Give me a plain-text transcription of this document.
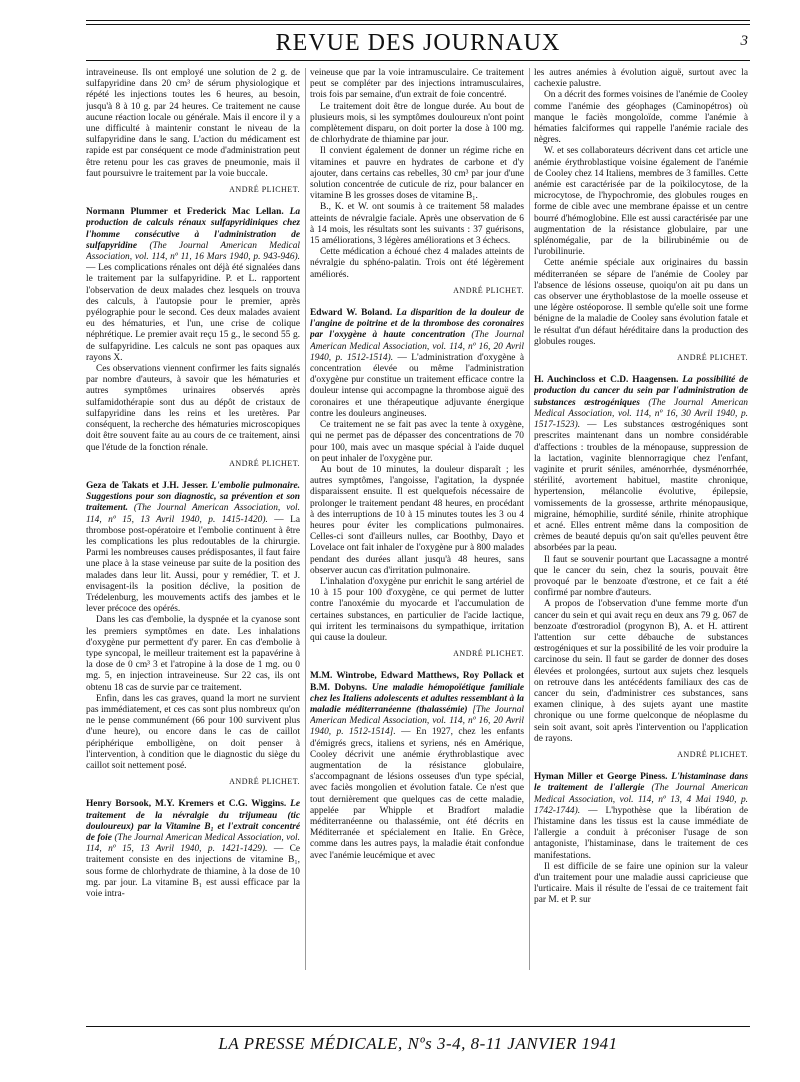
REVUE DES JOURNAUX	3

intraveineuse. Ils ont employé une solution de 2 g. de sulfapyridine dans 20 cm³ de sérum physiologique et répété les injections toutes les 6 heures, au besoin, jusqu'à 8 à 10 g. par 24 heures. Ce traitement ne cause aucune réaction locale ou générale. Mais il encore il y a une difficulté à maintenir constant le niveau de la sulfapyridine dans le sang. L'action du médicament est rapide est par conséquent ce mode d'administration peut être retenu pour les cas graves de pneumonie, mais il faut poursuivre le traitement par la voie buccale.

ANDRÉ PLICHET.

Normann Plummer et Frederick Mac Lellan. La production de calculs rénaux sulfapyridiniques chez l'homme consécutive à l'administration de sulfapyridine (The Journal American Medical Association, vol. 114, nº 11, 16 Mars 1940, p. 943-946). — Les complications rénales ont déjà été signalées dans le traitement par la sulfapyridine. P. et L. rapportent l'observation de deux malades chez lesquels on trouva des calculs, à l'autopsie pour le premier, après pyélographie pour le second. Ces deux malades avaient eu des hématuries, et l'un, une crise de colique néphrétique. Le premier avait reçu 15 g., le second 55 g. de sulfapyridine. Les calculs ne sont pas opaques aux rayons X.

Ces observations viennent confirmer les faits signalés par nombre d'auteurs, à savoir que les hématuries et autres symptômes urinaires observés après sulfamidothérapie sont dus au dépôt de cristaux de sulfapyridine dans les reins et les uretères. Par conséquent, la recherche des hématuries microscopiques doit être souvent faite au au cours de ce traitement, ainsi que l'étude de la fonction rénale.

ANDRÉ PLICHET.

Geza de Takats et J.H. Jesser. L'embolie pulmonaire. Suggestions pour son diagnostic, sa prévention et son traitement. (The Journal American Association, vol. 114, nº 15, 13 Avril 1940, p. 1415-1420). — La thrombose post-opératoire et l'embolie continuent à être les complications les plus redoutables de la chirurgie. Parmi les nombreuses causes prédisposantes, il faut faire une place à la stase veineuse par suite de la position des malades dans leur lit. Aussi, pour y remédier, T. et J. envisagent-ils la position déclive, la position de Trédelenburg, les mouvements actifs des jambes et le lever précoce des opérés.

Dans les cas d'embolie, la dyspnée et la cyanose sont les premiers symptômes en date. Les inhalations d'oxygène pur permettent d'y parer. En cas d'embolie à type syncopal, le meilleur traitement est la papavérine à la dose de 0 cm³ 3 et l'atropine à la dose de 1 mg. ou 0 mg. 5, en injection intraveineuse. Sur 22 cas, ils ont obtenu 18 cas de survie par ce traitement.

Enfin, dans les cas graves, quand la mort ne survient pas immédiatement, et ces cas sont plus nombreux qu'on ne le pense communément (66 pour 100 survivent plus d'une heure), ou encore dans le cas de caillot périphérique embolligène, on doit penser à l'intervention, à condition que le diagnostic du siège du caillot soit nettement posé.

ANDRÉ PLICHET.

Henry Borsook, M.Y. Kremers et C.G. Wiggins. Le traitement de la névralgie du trijumeau (tic douloureux) par la Vitamine B₁ et l'extrait concentré de foie (The Journal American Medical Association, vol. 114, nº 15, 13 Avril 1940, p. 1421-1429). — Ce traitement consiste en des injections de vitamine B₁, sous forme de chlorhydrate de thiamine, à la dose de 10 mg. par jour. La vitamine B₁ est aussi efficace par la voie intra-

veineuse que par la voie intramusculaire. Ce traitement peut se compléter par des injections intramusculaires, trois fois par semaine, d'un extrait de foie concentré.

Le traitement doit être de longue durée. Au bout de plusieurs mois, si les symptômes douloureux n'ont point complètement disparu, on doit porter la dose à 100 mg. de chlorhydrate de thiamine par jour.

Il convient également de donner un régime riche en vitamines et pauvre en hydrates de carbone et d'y ajouter, dans certains cas rebelles, 30 cm³ par jour d'une solution concentrée de cuticule de riz, pour balancer en vitamine B les grosses doses de vitamine B₁.

B., K. et W. ont soumis à ce traitement 58 malades atteints de névralgie faciale. Après une observation de 6 à 14 mois, les résultats sont les suivants : 37 guérisons, 15 améliorations, 3 légères améliorations et 3 échecs.

Cette médication a échoué chez 4 malades atteints de névralgie du sphéno-palatin. Trois ont été légèrement améliorés.

ANDRÉ PLICHET.

Edward W. Boland. La disparition de la douleur de l'angine de poitrine et de la thrombose des coronaires par l'oxygène à haute concentration (The Journal American Medical Association, vol. 114, nº 16, 20 Avril 1940, p. 1512-1514). — L'administration d'oxygène à concentration élevée ou même l'administration d'oxygène pur constitue un traitement efficace contre la douleur intense qui accompagne la thrombose aiguë des coronaires et une thérapeutique adjuvante énergique contre les douleurs angineuses.

Ce traitement ne se fait pas avec la tente à oxygène, qui ne permet pas de dépasser des concentrations de 70 pour 100, mais avec un masque spécial à l'aide duquel on peut inhaler de l'oxygène pur.

Au bout de 10 minutes, la douleur disparaît ; les autres symptômes, l'angoisse, l'agitation, la dyspnée disparaissent ensuite. Il est quelquefois nécessaire de prolonger le traitement pendant 48 heures, en procédant à des interruptions de 10 à 15 minutes toutes les 3 ou 4 heures pour éviter les complications pulmonaires. Celles-ci sont d'ailleurs nulles, car Boothby, Dayo et Lovelace ont fait inhaler de l'oxygène pur à 800 malades pendant des durées allant jusqu'à 48 heures, sans observer aucun cas d'irritation pulmonaire.

L'inhalation d'oxygène pur enrichit le sang artériel de 10 à 15 pour 100 d'oxygène, ce qui permet de lutter contre l'anoxémie du myocarde et l'accumulation de certaines substances, en particulier de l'acide lactique, qui irritent les terminaisons du sympathique, irritation qui cause la douleur.

ANDRÉ PLICHET.

M.M. Wintrobe, Edward Matthews, Roy Pollack et B.M. Dobyns. Une maladie hémopoïétique familiale chez les Italiens adolescents et adultes ressemblant à la maladie méditerranéenne (thalassémie) [The Journal American Medical Association, vol. 114, nº 16, 20 Avril 1940, p. 1512-1514]. — En 1927, chez les enfants d'émigrés grecs, italiens et syriens, nés en Amérique, Cooley décrivit une anémie érythroblastique avec augmentation de la résistance globulaire, s'accompagnant de lésions osseuses d'un type spécial, avec faciès mongolien et évolution fatale. Ce n'est que tout dernièrement que quelques cas de cette maladie, appelée par Whipple et Bradfort maladie méditerranéenne ou thalassémie, ont été décrits en Méditerranée et spécialement en Italie. En Grèce, comme dans les autres pays, la maladie était confondue avec l'anémie leucémique et avec

les autres anémies à évolution aiguë, surtout avec la cachexie palustre.

On a décrit des formes voisines de l'anémie de Cooley comme l'anémie des géophages (Caminopétros) où manque le faciès mongoloïde, comme l'anémie à hématies falciformes qui rappelle l'anémie raciale des nègres.

W. et ses collaborateurs décrivent dans cet article une anémie érythroblastique voisine également de l'anémie de Cooley chez 14 Italiens, membres de 3 familles. Cette anémie est caractérisée par de la poïkilocytose, de la microcytose, de l'hypochromie, des globules rouges en forme de cible avec une membrane épaisse et un centre bourré d'hémoglobine. Elle est aussi caractérisée par une augmentation de la résistance globulaire, par une splénomégalie, par de la bilirubinémie ou de l'urobilinurie.

Cette anémie spéciale aux originaires du bassin méditerranéen se sépare de l'anémie de Cooley par l'absence de lésions osseuse, quoiqu'on ait pu dans un cas observer une érythoblastose de la moelle osseuse et une légère ostéoporose. Il semble qu'elle soit une forme bénigne de la maladie de Cooley sans évolution fatale et le résultat d'un défaut héréditaire dans la production des globules rouges.

ANDRÉ PLICHET.

H. Auchincloss et C.D. Haagensen. La possibilité de production du cancer du sein par l'administration de substances œstrogéniques (The Journal American Medical Association, vol. 114, nº 16, 30 Avril 1940, p. 1517-1523). — Les substances œstrogéniques sont prescrites maintenant dans un nombre considérable d'affections : troubles de la ménopause, suppression de la lactation, vaginite blennorragique chez l'enfant, vaginite et prurit séniles, aménorrhée, dysménorrhée, stérilité, avortement habituel, mastite chronique, hypertension, mélancolie évolutive, épilepsie, vomissements de la grossesse, arthrite ménopausique, migraine, hémophilie, surdité sénile, rhinite atrophique et acné. Elles entrent même dans la composition de crèmes de beauté depuis qu'on sait qu'elles peuvent être absorbées par la peau.

Il faut se souvenir pourtant que Lacassagne a montré que le cancer du sein, chez la souris, pouvait être provoqué par le benzoate d'œstrone, et ce fait a été confirmé par nombre d'auteurs.

A propos de l'observation d'une femme morte d'un cancer du sein et qui avait reçu en deux ans 79 g. 067 de benzoate d'œstroradiol (progynon B), A. et H. attirent l'attention sur cette débauche de substances œstrogéniques et sur la possibilité de les voir produire la carcinose du sein. Il faut se garder de donner des doses élevées et prolongées, surtout aux sujets chez lesquels on retrouve dans les antécédents familiaux des cas de cancer du sein, d'administrer ces substances, sans examen clinique, à des sujets ayant une mastite chronique ou une forme quelconque de néoplasme du sein soit avant, soit après l'intervention ou l'application de rayons.

ANDRÉ PLICHET.

Hyman Miller et George Piness. L'histaminase dans le traitement de l'allergie (The Journal American Medical Association, vol. 114, nº 13, 4 Mai 1940, p. 1742-1744). — L'hypothèse que la libération de l'histamine dans les tissus est la cause immédiate de l'allergie a conduit à préconiser l'usage de son antagoniste, l'histaminase, dans le traitement de ces manifestations.

Il est difficile de se faire une opinion sur la valeur d'un traitement pour une maladie aussi capricieuse que l'urticaire. Mais il résulte de l'essai de ce traitement fait par M. et P. sur

LA PRESSE MÉDICALE, Nºs 3-4, 8-11 JANVIER 1941
